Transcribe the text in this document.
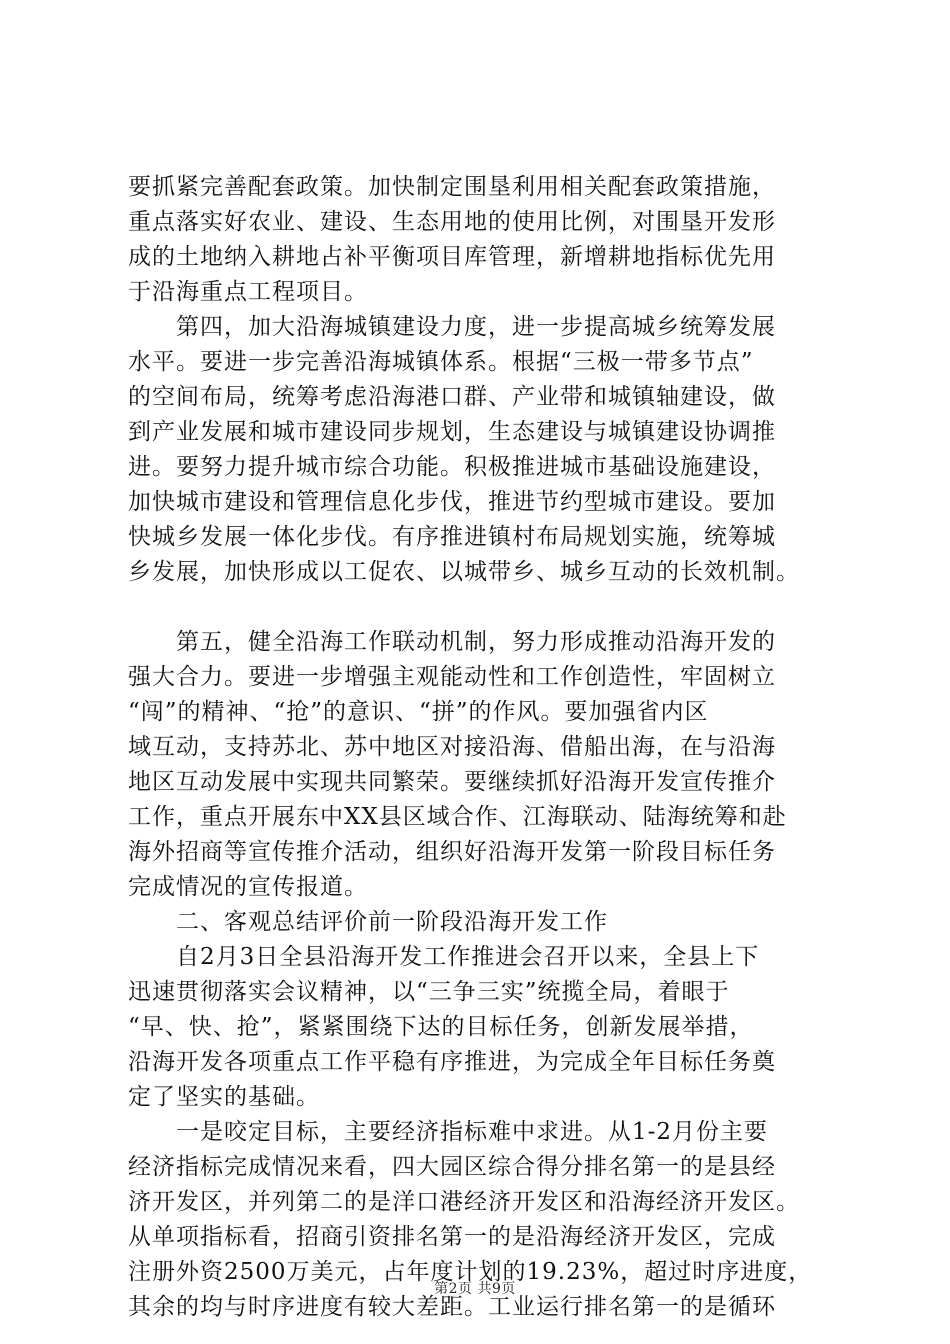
要抓紧完善配套政策。加快制定围垦利用相关配套政策措施，
重点落实好农业、建设、生态用地的使用比例，对围垦开发形
成的土地纳入耕地占补平衡项目库管理，新增耕地指标优先用
于沿海重点工程项目。
　　第四，加大沿海城镇建设力度，进一步提高城乡统筹发展
水平。要进一步完善沿海城镇体系。根据“三极一带多节点”
的空间布局，统筹考虑沿海港口群、产业带和城镇轴建设，做
到产业发展和城市建设同步规划，生态建设与城镇建设协调推
进。要努力提升城市综合功能。积极推进城市基础设施建设，
加快城市建设和管理信息化步伐，推进节约型城市建设。要加
快城乡发展一体化步伐。有序推进镇村布局规划实施，统筹城
乡发展，加快形成以工促农、以城带乡、城乡互动的长效机制。
　　第五，健全沿海工作联动机制，努力形成推动沿海开发的
强大合力。要进一步增强主观能动性和工作创造性，牢固树立
“闯”的精神、“抢”的意识、“拼”的作风。要加强省内区
域互动，支持苏北、苏中地区对接沿海、借船出海，在与沿海
地区互动发展中实现共同繁荣。要继续抓好沿海开发宣传推介
工作，重点开展东中XX县区域合作、江海联动、陆海统筹和赴
海外招商等宣传推介活动，组织好沿海开发第一阶段目标任务
完成情况的宣传报道。
　　二、客观总结评价前一阶段沿海开发工作
　　自2月3日全县沿海开发工作推进会召开以来，全县上下
迅速贯彻落实会议精神，以“三争三实”统揽全局，着眼于
“早、快、抢”，紧紧围绕下达的目标任务，创新发展举措，
沿海开发各项重点工作平稳有序推进，为完成全年目标任务奠
定了坚实的基础。
　　一是咬定目标，主要经济指标难中求进。从1-2月份主要
经济指标完成情况来看，四大园区综合得分排名第一的是县经
济开发区，并列第二的是洋口港经济开发区和沿海经济开发区。
从单项指标看，招商引资排名第一的是沿海经济开发区，完成
注册外资2500万美元，占年度计划的19.23%，超过时序进度，
其余的均与时序进度有较大差距。工业运行排名第一的是循环
第2页 共9页
